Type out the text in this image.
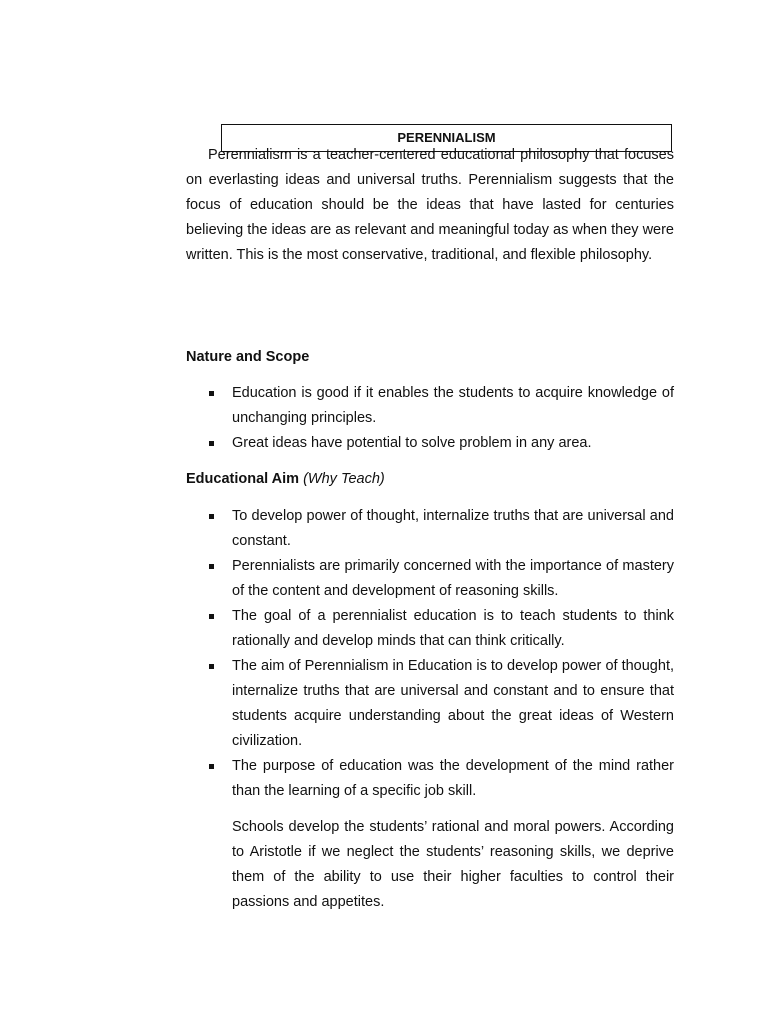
PERENNIALISM

Perennialism is a teacher-centered educational philosophy that focuses on everlasting ideas and universal truths. Perennialism suggests that the focus of education should be the ideas that have lasted for centuries believing the ideas are as relevant and meaningful today as when they were written. This is the most conservative, traditional, and flexible philosophy.

Nature and Scope
Education is good if it enables the students to acquire knowledge of unchanging principles.
Great ideas have potential to solve problem in any area.
Educational Aim (Why Teach)
To develop power of thought, internalize truths that are universal and constant.
Perennialists are primarily concerned with the importance of mastery of the content and development of reasoning skills.
The goal of a perennialist education is to teach students to think rationally and develop minds that can think critically.
The aim of Perennialism in Education is to develop power of thought, internalize truths that are universal and constant and to ensure that students acquire understanding about the great ideas of Western civilization.
The purpose of education was the development of the mind rather than the learning of a specific job skill.

Schools develop the students’ rational and moral powers. According to Aristotle if we neglect the students’ reasoning skills, we deprive them of the ability to use their higher faculties to control their passions and appetites.
